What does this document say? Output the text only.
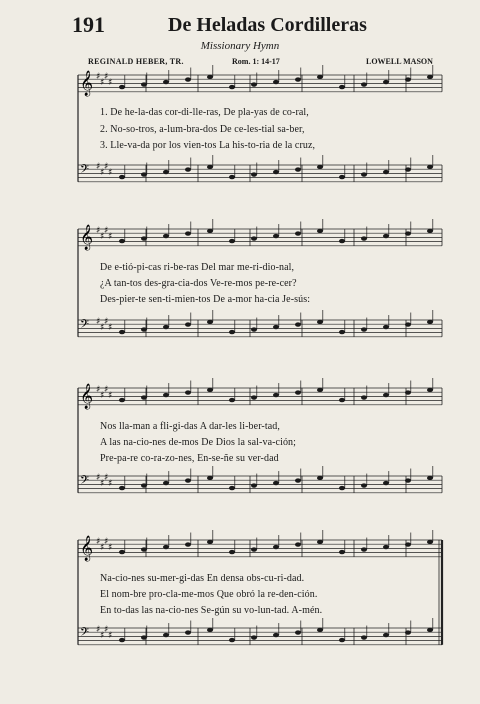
191	De Heladas Cordilleras
Missionary Hymn
REGINALD HEBER, TR.	Rom. 1: 14-17	LOWELL MASON
𝄞 ♯
♯
♯
♯
𝄞 ♯
♯
♯
♯
𝄞 ♯
♯
♯
♯
𝄞 ♯
♯
♯
♯
𝄢 ♯
♯
♯
♯
𝄢 ♯
♯
♯
♯
𝄢 ♯
♯
♯
♯
𝄢 ♯
♯
♯
♯
1. De he-la-das cor-di-lle-ras, De pla-yas de co-ral,
2. No-so-tros, a-lum-bra-dos De ce-les-tial sa-ber,
3. Lle-va-da por los vien-tos La his-to-ria de la cruz,
De e-tió-pi-cas ri-be-ras Del mar me-ri-dio-nal,
¿A tan-tos des-gra-cia-dos Ve-re-mos pe-re-cer?
Des-pier-te sen-ti-mien-tos De a-mor ha-cia Je-sús:
Nos lla-man a fli-gi-das A dar-les li-ber-tad,
A las na-cio-nes de-mos De Dios la sal-va-ción;
Pre-pa-re co-ra-zo-nes, En-se-ñe su ver-dad
Na-cio-nes su-mer-gi-das En densa obs-cu-ri-dad.
El nom-bre pro-cla-me-mos Que obró la re-den-ción.
En to-das las na-cio-nes Se-gún su vo-lun-tad. A-mén.
